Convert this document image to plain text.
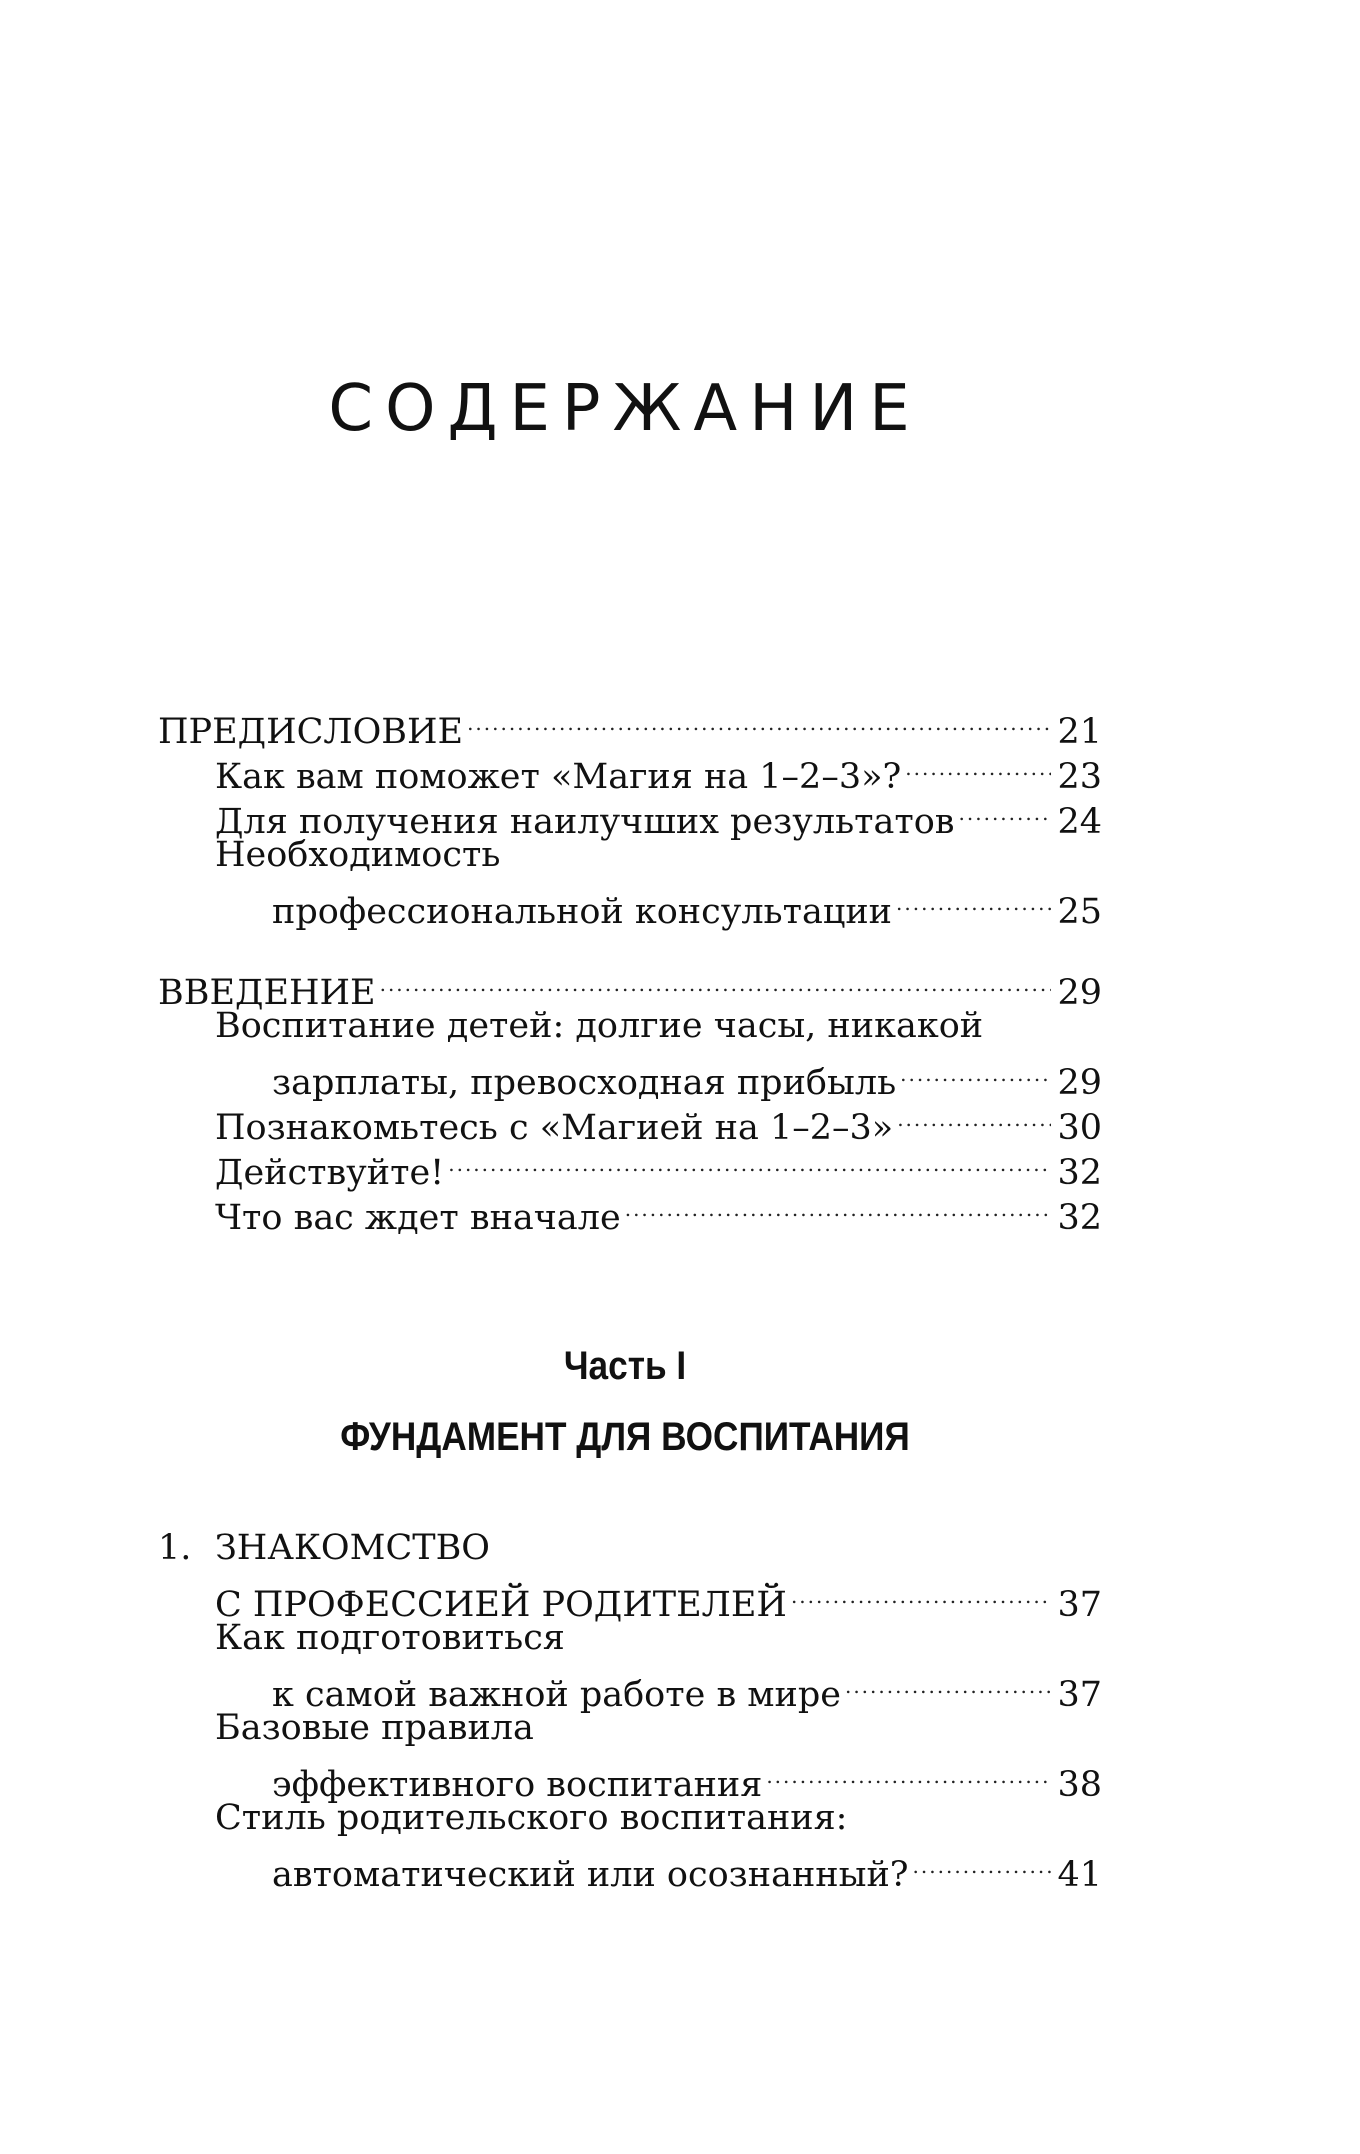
СОДЕРЖАНИЕ
ПРЕДИСЛОВИЕ .....	21
Как вам поможет «Магия на 1–2–3»? .....	23
Для получения наилучших результатов .....	24
Необходимость
профессиональной консультации .....	25
ВВЕДЕНИЕ .....	29
Воспитание детей: долгие часы, никакой
зарплаты, превосходная прибыль .....	29
Познакомьтесь с «Магией на 1–2–3» .....	30
Действуйте! .....	32
Что вас ждет вначале .....	32
Часть I
ФУНДАМЕНТ ДЛЯ ВОСПИТАНИЯ
1. ЗНАКОМСТВО
С ПРОФЕССИЕЙ РОДИТЕЛЕЙ .....	37
Как подготовиться
к самой важной работе в мире .....	37
Базовые правила
эффективного воспитания .....	38
Стиль родительского воспитания:
автоматический или осознанный? .....	41
